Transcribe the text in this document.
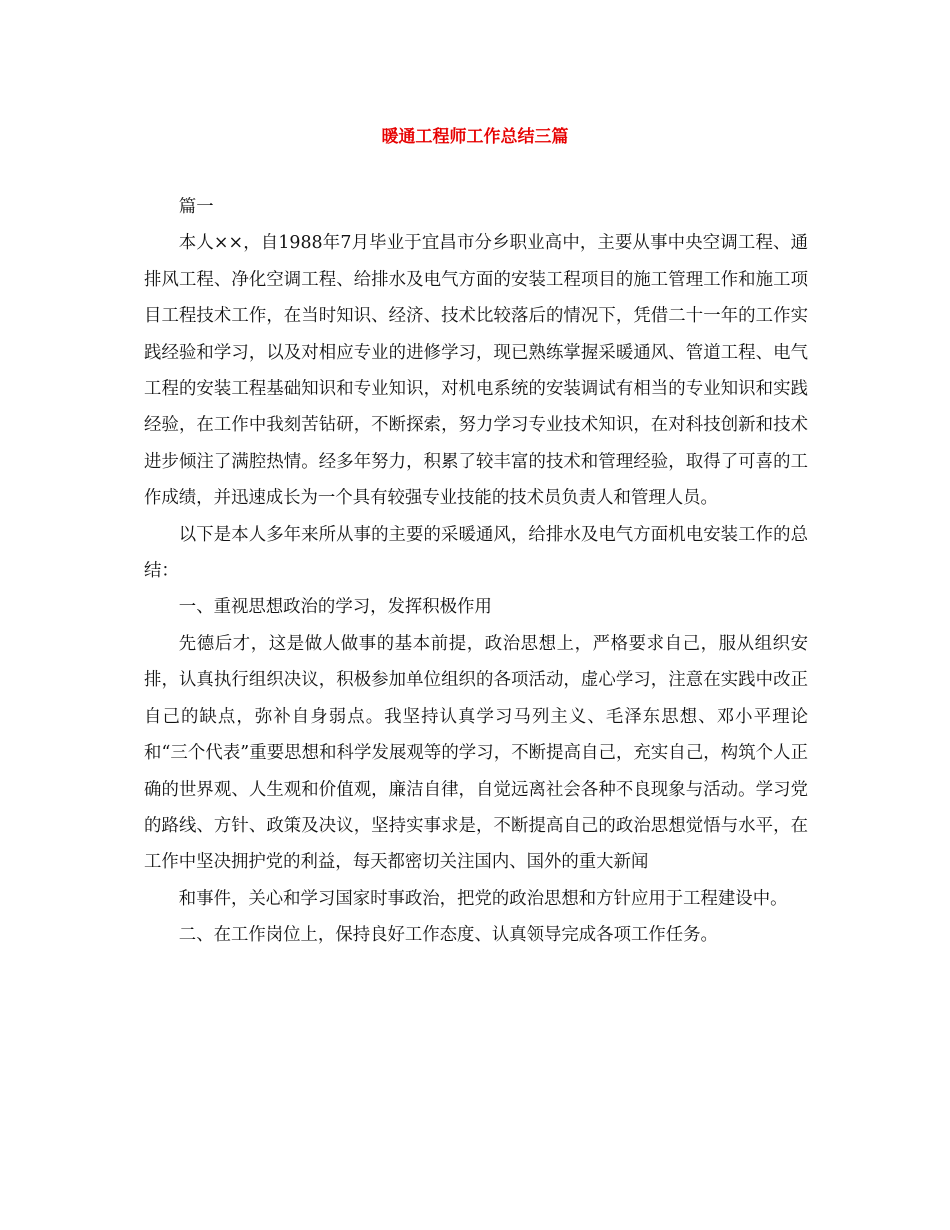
暖通工程师工作总结三篇

篇一

本人××，自1988年7月毕业于宜昌市分乡职业高中，主要从事中央空调工程、通排风工程、净化空调工程、给排水及电气方面的安装工程项目的施工管理工作和施工项目工程技术工作，在当时知识、经济、技术比较落后的情况下，凭借二十一年的工作实践经验和学习，以及对相应专业的进修学习，现已熟练掌握采暖通风、管道工程、电气工程的安装工程基础知识和专业知识，对机电系统的安装调试有相当的专业知识和实践经验，在工作中我刻苦钻研，不断探索，努力学习专业技术知识，在对科技创新和技术进步倾注了满腔热情。经多年努力，积累了较丰富的技术和管理经验，取得了可喜的工作成绩，并迅速成长为一个具有较强专业技能的技术员负责人和管理人员。

以下是本人多年来所从事的主要的采暖通风，给排水及电气方面机电安装工作的总结：

一、重视思想政治的学习，发挥积极作用

先德后才，这是做人做事的基本前提，政治思想上，严格要求自己，服从组织安排，认真执行组织决议，积极参加单位组织的各项活动，虚心学习，注意在实践中改正自己的缺点，弥补自身弱点。我坚持认真学习马列主义、毛泽东思想、邓小平理论和“三个代表”重要思想和科学发展观等的学习，不断提高自己，充实自己，构筑个人正确的世界观、人生观和价值观，廉洁自律，自觉远离社会各种不良现象与活动。学习党的路线、方针、政策及决议，坚持实事求是，不断提高自己的政治思想觉悟与水平，在工作中坚决拥护党的利益，每天都密切关注国内、国外的重大新闻

和事件，关心和学习国家时事政治，把党的政治思想和方针应用于工程建设中。

二、在工作岗位上，保持良好工作态度、认真领导完成各项工作任务。
